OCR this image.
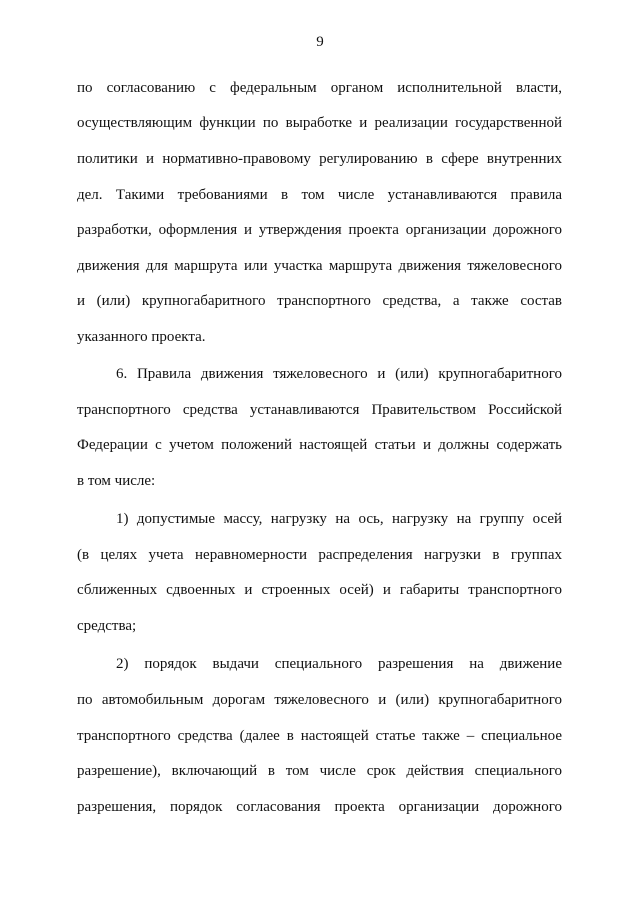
9
по согласованию с федеральным органом исполнительной власти,
осуществляющим функции по выработке и реализации государственной
политики и нормативно-правовому регулированию в сфере внутренних
дел. Такими требованиями в том числе устанавливаются правила
разработки, оформления и утверждения проекта организации дорожного
движения для маршрута или участка маршрута движения тяжеловесного
и (или) крупногабаритного транспортного средства, а также состав
указанного проекта.
6. Правила движения тяжеловесного и (или) крупногабаритного
транспортного средства устанавливаются Правительством Российской
Федерации с учетом положений настоящей статьи и должны содержать
в том числе:
1) допустимые массу, нагрузку на ось, нагрузку на группу осей
(в целях учета неравномерности распределения нагрузки в группах
сближенных сдвоенных и строенных осей) и габариты транспортного
средства;
2) порядок выдачи специального разрешения на движение
по автомобильным дорогам тяжеловесного и (или) крупногабаритного
транспортного средства (далее в настоящей статье также – специальное
разрешение), включающий в том числе срок действия специального
разрешения, порядок согласования проекта организации дорожного
